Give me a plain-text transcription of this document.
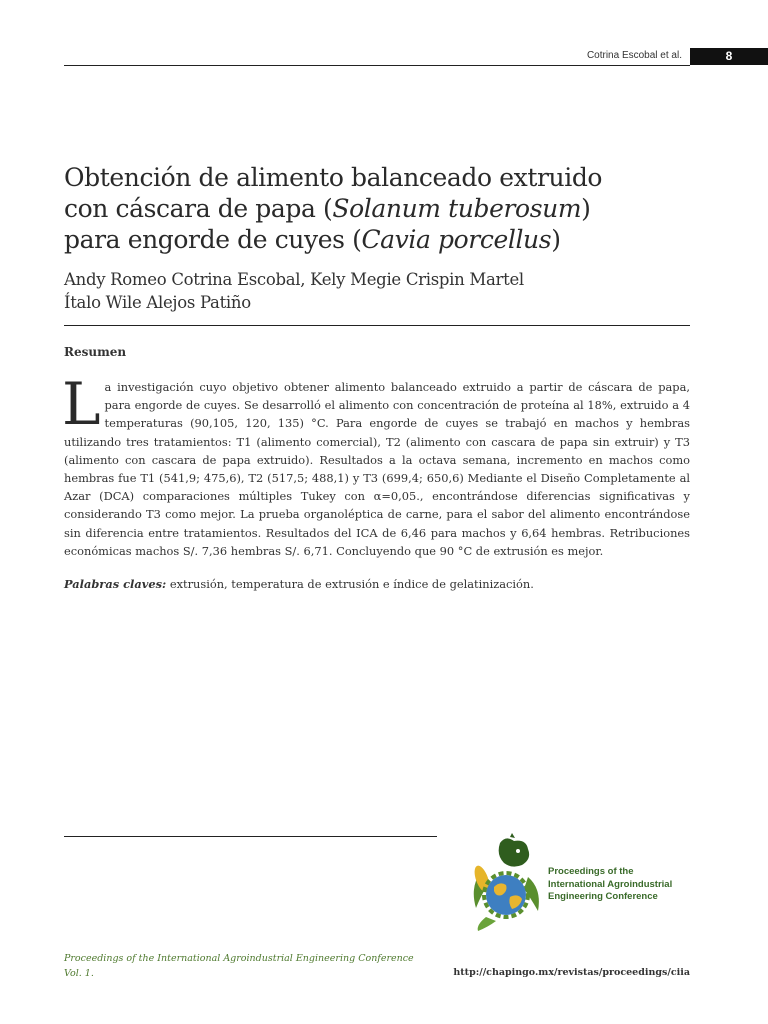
Cotrina Escobal et al.	8
Obtención de alimento balanceado extruido
con cáscara de papa (Solanum tuberosum)
para engorde de cuyes (Cavia porcellus)
Andy Romeo Cotrina Escobal, Kely Megie Crispin Martel
Ítalo Wile Alejos Patiño
Resumen
La investigación cuyo objetivo obtener alimento balanceado extruido a partir de cáscara de papa, para engorde de cuyes. Se desarrolló el alimento con concentración de proteína al 18%, extruido a 4 temperaturas (90,105, 120, 135) °C. Para engorde de cuyes se trabajó en machos y hembras utilizando tres tratamientos: T1 (alimento comercial), T2 (alimento con cascara de papa sin extruir) y T3 (alimento con cascara de papa extruido). Resultados a la octava semana, incremento en machos como hembras fue T1 (541,9; 475,6), T2 (517,5; 488,1) y T3 (699,4; 650,6) Mediante el Diseño Completamente al Azar (DCA) comparaciones múltiples Tukey con α=0,05., encontrándose diferencias significativas y considerando T3 como mejor. La prueba organoléptica de carne, para el sabor del alimento encontrándose sin diferencia entre tratamientos. Resultados del ICA de 6,46 para machos y 6,64 hembras. Retribuciones económicas machos S/. 7,36 hembras S/. 6,71. Concluyendo que 90 °C de extrusión es mejor.
Palabras claves: extrusión, temperatura de extrusión e índice de gelatinización.
Proceedings of the
International Agroindustrial
Engineering Conference
Proceedings of the International Agroindustrial Engineering Conference
Vol. 1.	http://chapingo.mx/revistas/proceedings/ciia
